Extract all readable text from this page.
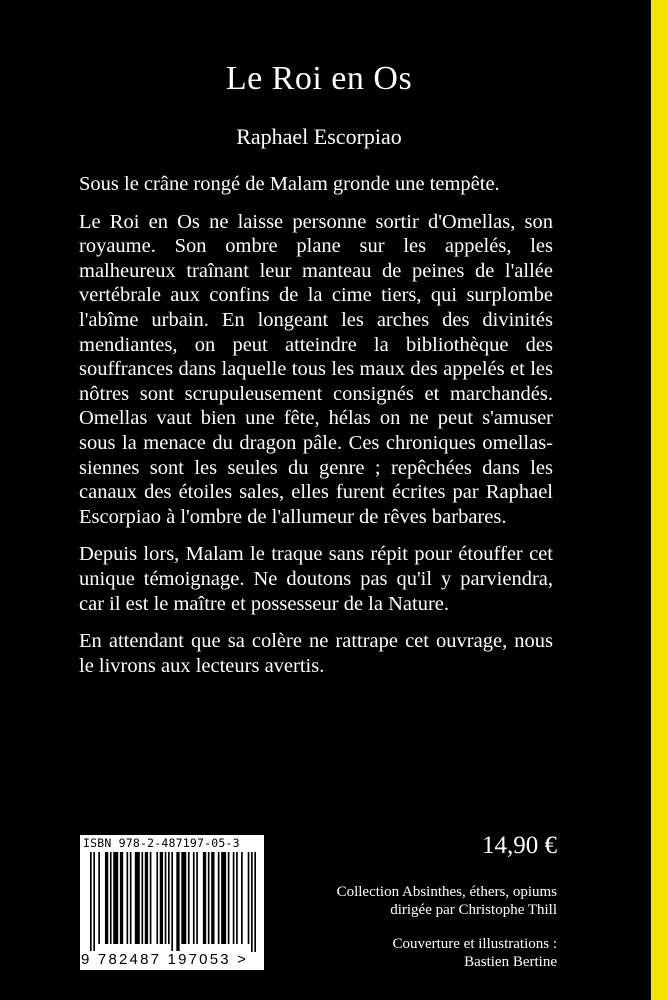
Le Roi en Os
Raphael Escorpiao

Sous le crâne rongé de Malam gronde une tempête.

Le Roi en Os ne laisse personne sortir d'Omellas, son royaume. Son ombre plane sur les appelés, les malheureux traînant leur manteau de peines de l'allée vertébrale aux confins de la cime tiers, qui surplombe l'abîme urbain. En longeant les arches des divinités mendiantes, on peut atteindre la bibliothèque des souffrances dans laquelle tous les maux des appelés et les nôtres sont scrupuleusement consignés et marchandés. Omellas vaut bien une fête, hélas on ne peut s'amuser sous la menace du dragon pâle. Ces chroniques omellassiennes sont les seules du genre ; repêchées dans les canaux des étoiles sales, elles furent écrites par Raphael Escorpiao à l'ombre de l'allumeur de rêves barbares.

Depuis lors, Malam le traque sans répit pour étouffer cet unique témoignage. Ne doutons pas qu'il y parviendra, car il est le maître et possesseur de la Nature.

En attendant que sa colère ne rattrape cet ouvrage, nous le livrons aux lecteurs avertis.

ISBN 978-2-487197-05-3
9 782487 197053 >
14,90 €
Collection Absinthes, éthers, opiums
dirigée par Christophe Thill
Couverture et illustrations :
Bastien Bertine
